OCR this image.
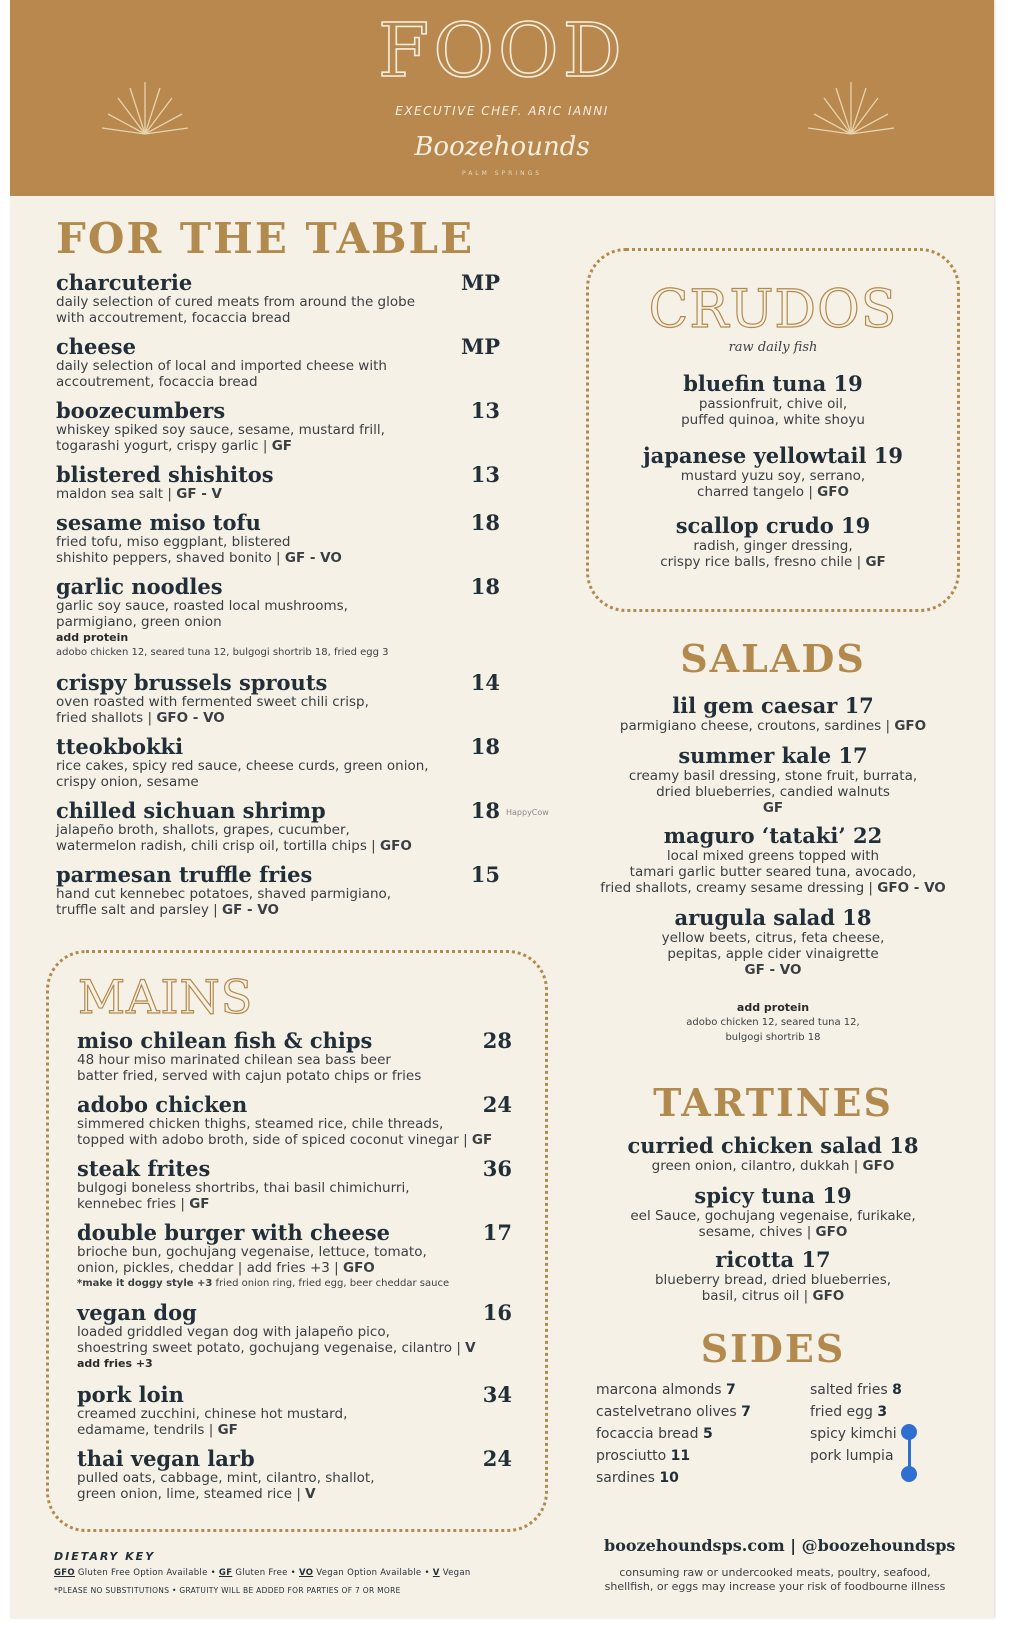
FOOD
EXECUTIVE CHEF. ARIC IANNI
Boozehounds
PALM SPRINGS
FOR THE TABLE
charcuterie	MP
daily selection of cured meats from around the globe
with accoutrement, focaccia bread
cheese	MP
daily selection of local and imported cheese with
accoutrement, focaccia bread
boozecumbers	13
whiskey spiked soy sauce, sesame, mustard frill,
togarashi yogurt, crispy garlic | GF
blistered shishitos	13
maldon sea salt | GF - V
sesame miso tofu	18
fried tofu, miso eggplant, blistered
shishito peppers, shaved bonito | GF - VO
garlic noodles	18
garlic soy sauce, roasted local mushrooms,
parmigiano, green onion
add protein
adobo chicken 12, seared tuna 12, bulgogi shortrib 18, fried egg 3
crispy brussels sprouts	14
oven roasted with fermented sweet chili crisp,
fried shallots | GFO - VO
tteokbokki	18
rice cakes, spicy red sauce, cheese curds, green onion,
crispy onion, sesame
chilled sichuan shrimp	18
jalapeño broth, shallots, grapes, cucumber,
watermelon radish, chili crisp oil, tortilla chips | GFO
parmesan truffle fries	15
hand cut kennebec potatoes, shaved parmigiano,
truffle salt and parsley | GF - VO
MAINS
miso chilean fish & chips	28
48 hour miso marinated chilean sea bass beer
batter fried, served with cajun potato chips or fries
adobo chicken	24
simmered chicken thighs, steamed rice, chile threads,
topped with adobo broth, side of spiced coconut vinegar | GF
steak frites	36
bulgogi boneless shortribs, thai basil chimichurri,
kennebec fries | GF
double burger with cheese	17
brioche bun, gochujang vegenaise, lettuce, tomato,
onion, pickles, cheddar | add fries +3 | GFO
*make it doggy style +3 fried onion ring, fried egg, beer cheddar sauce
vegan dog	16
loaded griddled vegan dog with jalapeño pico,
shoestring sweet potato, gochujang vegenaise, cilantro | V
add fries +3
pork loin	34
creamed zucchini, chinese hot mustard,
edamame, tendrils | GF
thai vegan larb	24
pulled oats, cabbage, mint, cilantro, shallot,
green onion, lime, steamed rice | V
CRUDOS
raw daily fish
bluefin tuna 19
passionfruit, chive oil,
puffed quinoa, white shoyu
japanese yellowtail 19
mustard yuzu soy, serrano,
charred tangelo | GFO
scallop crudo 19
radish, ginger dressing,
crispy rice balls, fresno chile | GF
SALADS
lil gem caesar 17
parmigiano cheese, croutons, sardines | GFO
summer kale 17
creamy basil dressing, stone fruit, burrata,
dried blueberries, candied walnuts
GF
maguro ‘tataki’ 22
local mixed greens topped with
tamari garlic butter seared tuna, avocado,
fried shallots, creamy sesame dressing | GFO - VO
arugula salad 18
yellow beets, citrus, feta cheese,
pepitas, apple cider vinaigrette
GF - VO
add protein
adobo chicken 12, seared tuna 12,
bulgogi shortrib 18
TARTINES
curried chicken salad 18
green onion, cilantro, dukkah | GFO
spicy tuna 19
eel Sauce, gochujang vegenaise, furikake,
sesame, chives | GFO
ricotta 17
blueberry bread, dried blueberries,
basil, citrus oil | GFO
SIDES
marcona almonds 7
castelvetrano olives 7
focaccia bread 5
prosciutto 11
sardines 10
salted fries 8
fried egg 3
spicy kimchi
pork lumpia
boozehoundsps.com | @boozehoundsps
consuming raw or undercooked meats, poultry, seafood,
shellfish, or eggs may increase your risk of foodbourne illness
DIETARY KEY
GFO Gluten Free Option Available • GF Gluten Free • VO Vegan Option Available • V Vegan
*PLEASE NO SUBSTITUTIONS • GRATUITY WILL BE ADDED FOR PARTIES OF 7 OR MORE
HappyCow
